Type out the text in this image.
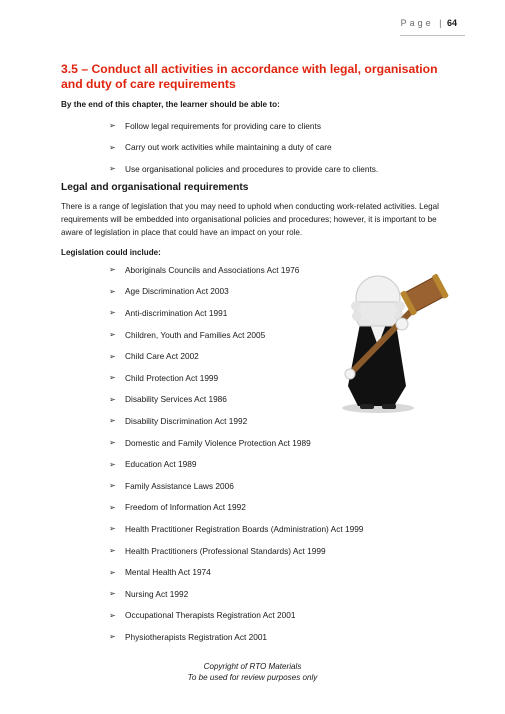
Page | 64
3.5 – Conduct all activities in accordance with legal, organisation and duty of care requirements

By the end of this chapter, the learner should be able to:

➢	Follow legal requirements for providing care to clients
➢	Carry out work activities while maintaining a duty of care
➢	Use organisational policies and procedures to provide care to clients.
Legal and organisational requirements

There is a range of legislation that you may need to uphold when conducting work-related activities. Legal requirements will be embedded into organisational policies and procedures; however, it is important to be aware of legislation in place that could have an impact on your role.

Legislation could include:

➢	Aboriginals Councils and Associations Act 1976
➢	Age Discrimination Act 2003
➢	Anti-discrimination Act 1991
➢	Children, Youth and Families Act 2005
➢	Child Care Act 2002
➢	Child Protection Act 1999
➢	Disability Services Act 1986
➢	Disability Discrimination Act 1992
➢	Domestic and Family Violence Protection Act 1989
➢	Education Act 1989
➢	Family Assistance Laws 2006
➢	Freedom of Information Act 1992
➢	Health Practitioner Registration Boards (Administration) Act 1999
➢	Health Practitioners (Professional Standards) Act 1999
➢	Mental Health Act 1974
➢	Nursing Act 1992
➢	Occupational Therapists Registration Act 2001
➢	Physiotherapists Registration Act 2001
Copyright of RTO Materials
To be used for review purposes only
